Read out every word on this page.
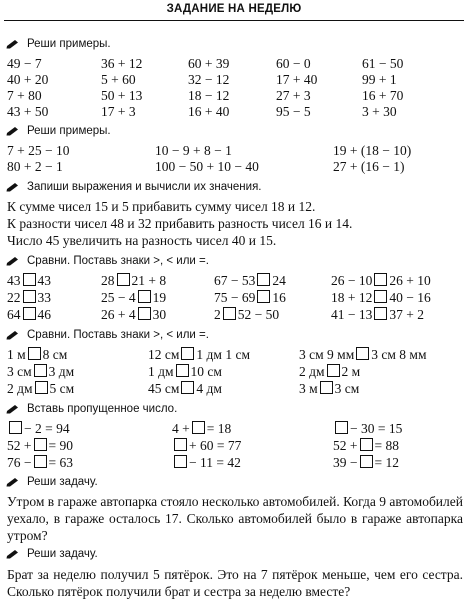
ЗАДАНИЕ НА НЕДЕЛЮ
Реши примеры.
49 − 7	36 + 12	60 + 39	60 − 0	61 − 50
40 + 20	5 + 60	32 − 12	17 + 40	99 + 1
7 + 80	50 + 13	18 − 12	27 + 3	16 + 70
43 + 50	17 + 3	16 + 40	95 − 5	3 + 30
Реши примеры.
7 + 25 − 10	10 − 9 + 8 − 1	19 + (18 − 10)
80 + 2 − 1	100 − 50 + 10 − 40	27 + (16 − 1)
Запиши выражения и вычисли их значения.
К сумме чисел 15 и 5 прибавить сумму чисел 18 и 12.
К разности чисел 48 и 32 прибавить разность чисел 16 и 14.
Число 45 увеличить на разность чисел 40 и 15.
Сравни. Поставь знаки >, < или =.
43 43	28 21 + 8	67 − 53 24	26 − 10 26 + 10
22 33	25 − 4 19	75 − 69 16	18 + 12 40 − 16
64 46	26 + 4 30	2 52 − 50	41 − 13 37 + 2
Сравни. Поставь знаки >, < или =.
1 м 8 см	12 см 1 дм 1 см	3 см 9 мм 3 см 8 мм
3 см 3 дм	1 дм 10 см	2 дм 2 м
2 дм 5 см	45 см 4 дм	3 м 3 см
Вставь пропущенное число.
− 2 = 94	4 + = 18	− 30 = 15
52 + = 90	+ 60 = 77	52 + = 88
76 − = 63	− 11 = 42	39 − = 12
Реши задачу.
Утром в гараже автопарка стояло несколько автомобилей. Когда 9 автомобилей уехало, в гараже осталось 17. Сколько автомобилей было в гараже автопарка утром?
Реши задачу.
Брат за неделю получил 5 пятёрок. Это на 7 пятёрок меньше, чем его сестра. Сколько пятёрок получили брат и сестра за неделю вместе?
